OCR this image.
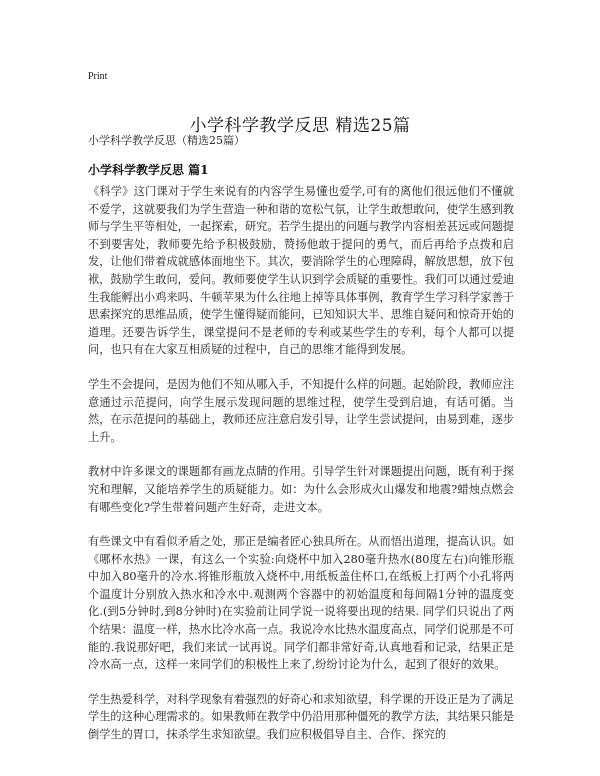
Print
小学科学教学反思 精选25篇
小学科学教学反思（精选25篇）
小学科学教学反思 篇1

《科学》这门课对于学生来说有的内容学生易懂也爱学,可有的离他们很远他们不懂就不爱学，这就要我们为学生营造一种和谐的宽松气氛，让学生敢想敢问，使学生感到教师与学生平等相处，一起探索，研究。若学生提出的问题与教学内容相差甚远或问题提不到要害处，教师要先给予积极鼓励，赞扬他敢于提问的勇气，而后再给予点拨和启发，让他们带着成就感体面地坐下。其次，要消除学生的心理障碍，解放思想，放下包袱，鼓励学生敢问，爱问。教师要使学生认识到学会质疑的重要性。我们可以通过爱迪生我能孵出小鸡来吗、牛顿苹果为什么往地上掉等具体事例，教育学生学习科学家善于思索探究的思维品质，使学生懂得疑而能问，已知知识大半、思维自疑问和惊奇开始的道理。还要告诉学生，课堂提问不是老师的专利或某些学生的专利，每个人都可以提问，也只有在大家互相质疑的过程中，自己的思维才能得到发展。

学生不会提问，是因为他们不知从哪入手，不知提什么样的问题。起始阶段，教师应注意通过示范提问，向学生展示发现问题的思维过程，使学生受到启迪，有话可循。当然，在示范提问的基础上，教师还应注意启发引导，让学生尝试提问，由易到难，逐步上升。

教材中许多课文的课题都有画龙点睛的作用。引导学生针对课题提出问题，既有利于探究和理解，又能培养学生的质疑能力。如：为什么会形成火山爆发和地震?蜡烛点燃会有哪些变化?学生带着问题产生好奇，走进文本。

有些课文中有看似矛盾之处，那正是编者匠心独具所在。从而悟出道理，提高认识。如《哪杯水热》一课，有这么一个实验:向烧杯中加入280毫升热水(80度左右)向锥形瓶中加入80毫升的冷水.将锥形瓶放入烧杯中,用纸板盖住杯口,在纸板上打两个小孔将两个温度计分别放入热水和冷水中.观测两个容器中的初始温度和每间隔1分钟的温度变化.(到5分钟时,到8分钟时)在实验前让同学说一说将要出现的结果. 同学们只说出了两个结果：温度一样，热水比冷水高一点。我说冷水比热水温度高点，同学们说那是不可能的.我说那好吧，我们来试一试再说。同学们都非常好奇,认真地看和记录，结果正是冷水高一点，这样一来同学们的积极性上来了,纷纷讨论为什么，起到了很好的效果。

学生热爱科学，对科学现象有着强烈的好奇心和求知欲望，科学课的开设正是为了满足学生的这种心理需求的。如果教师在教学中仍沿用那种僵死的教学方法，其结果只能是倒学生的胃口，抹杀学生求知欲望。我们应积极倡导自主、合作、探究的
